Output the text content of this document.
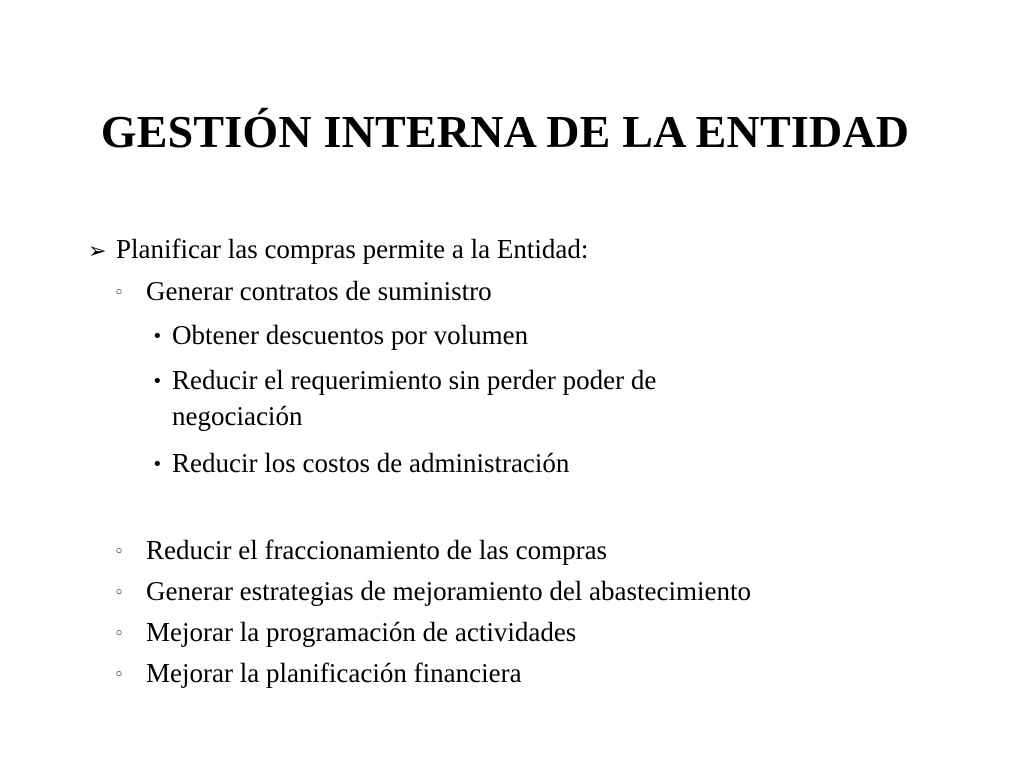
GESTIÓN INTERNA DE LA ENTIDAD
➢ Planificar las compras permite a la Entidad:
◦ Generar contratos de suministro
• Obtener descuentos por volumen
• Reducir el requerimiento sin perder poder de
negociación
• Reducir los costos de administración
◦ Reducir el fraccionamiento de las compras
◦ Generar estrategias de mejoramiento del abastecimiento
◦ Mejorar la programación de actividades
◦ Mejorar la planificación financiera
